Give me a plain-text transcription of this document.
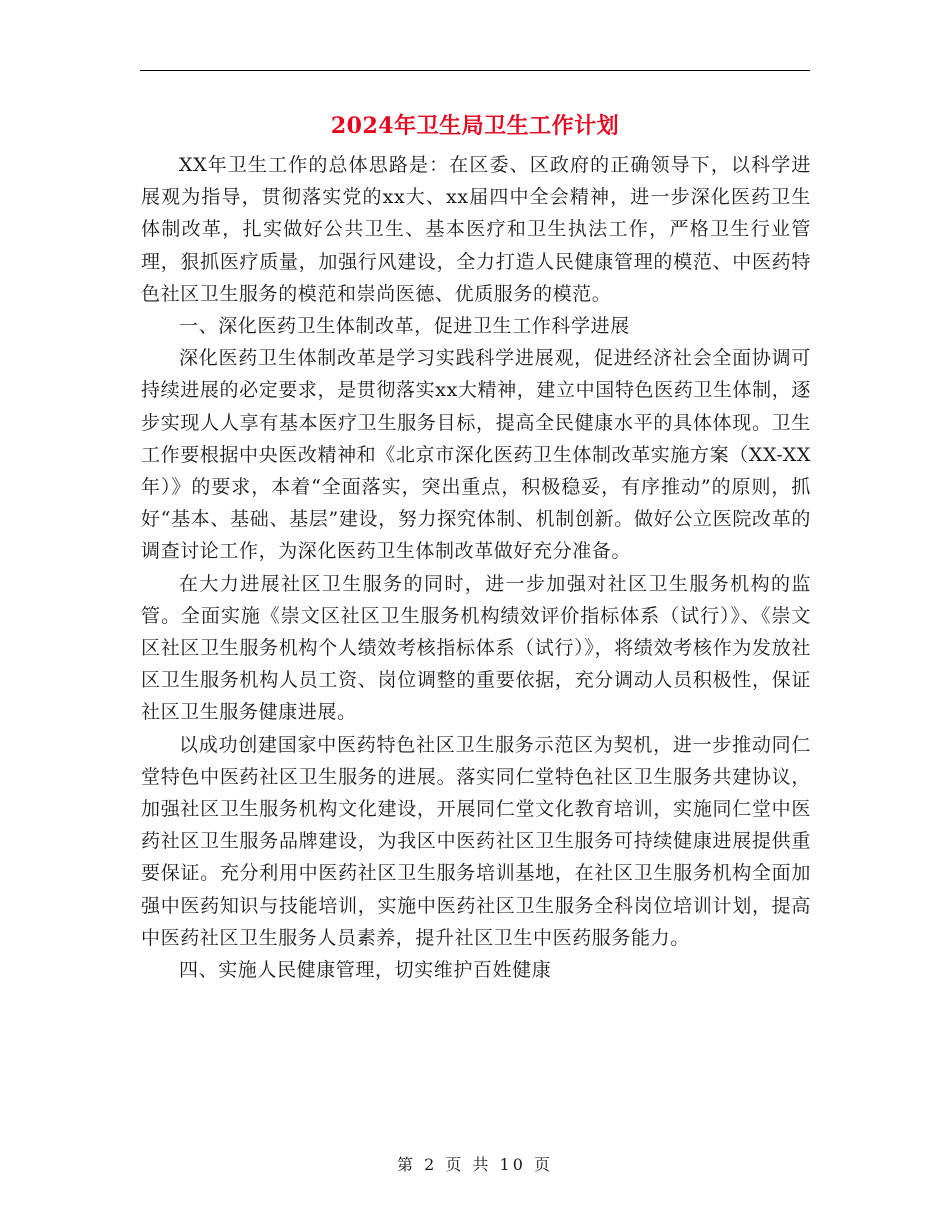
2024年卫生局卫生工作计划

XX年卫生工作的总体思路是：在区委、区政府的正确领导下，以科学进展观为指导，贯彻落实党的xx大、xx届四中全会精神，进一步深化医药卫生体制改革，扎实做好公共卫生、基本医疗和卫生执法工作，严格卫生行业管理，狠抓医疗质量，加强行风建设，全力打造人民健康管理的模范、中医药特色社区卫生服务的模范和崇尚医德、优质服务的模范。

一、深化医药卫生体制改革，促进卫生工作科学进展

深化医药卫生体制改革是学习实践科学进展观，促进经济社会全面协调可持续进展的必定要求，是贯彻落实xx大精神，建立中国特色医药卫生体制，逐步实现人人享有基本医疗卫生服务目标，提高全民健康水平的具体体现。卫生工作要根据中央医改精神和《北京市深化医药卫生体制改革实施方案（XX-XX年）》的要求，本着“全面落实，突出重点，积极稳妥，有序推动”的原则，抓好“基本、基础、基层”建设，努力探究体制、机制创新。做好公立医院改革的调查讨论工作，为深化医药卫生体制改革做好充分准备。

在大力进展社区卫生服务的同时，进一步加强对社区卫生服务机构的监管。全面实施《崇文区社区卫生服务机构绩效评价指标体系（试行）》、《崇文区社区卫生服务机构个人绩效考核指标体系（试行）》，将绩效考核作为发放社区卫生服务机构人员工资、岗位调整的重要依据，充分调动人员积极性，保证社区卫生服务健康进展。

以成功创建国家中医药特色社区卫生服务示范区为契机，进一步推动同仁堂特色中医药社区卫生服务的进展。落实同仁堂特色社区卫生服务共建协议，加强社区卫生服务机构文化建设，开展同仁堂文化教育培训，实施同仁堂中医药社区卫生服务品牌建设，为我区中医药社区卫生服务可持续健康进展提供重要保证。充分利用中医药社区卫生服务培训基地，在社区卫生服务机构全面加强中医药知识与技能培训，实施中医药社区卫生服务全科岗位培训计划，提高中医药社区卫生服务人员素养，提升社区卫生中医药服务能力。

四、实施人民健康管理，切实维护百姓健康

第 2 页 共 10 页
